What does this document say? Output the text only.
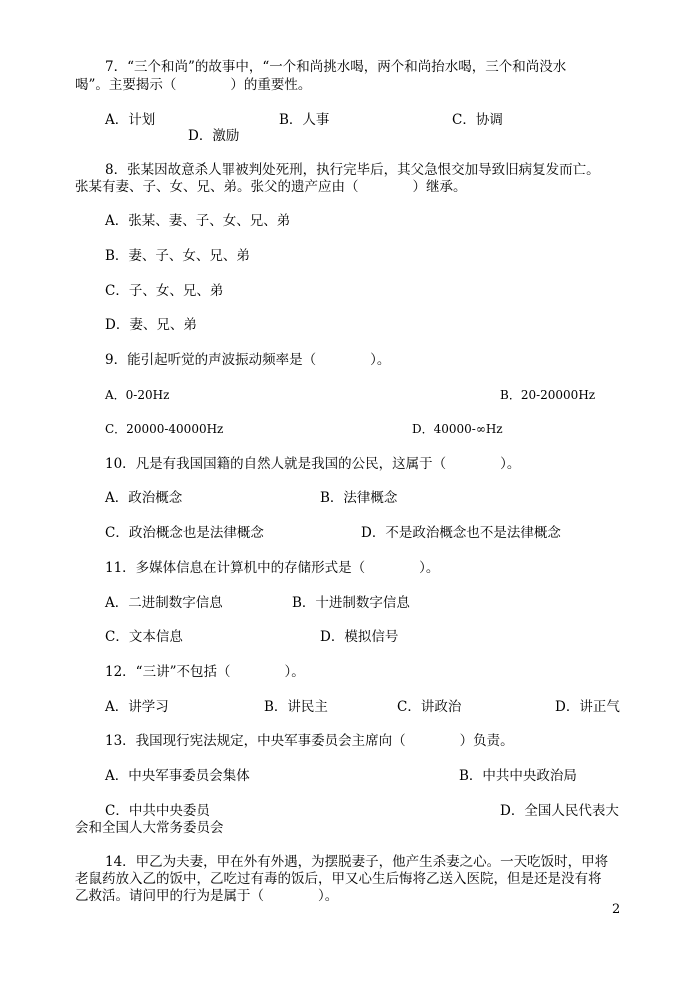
7．“三个和尚”的故事中，“一个和尚挑水喝，两个和尚抬水喝，三个和尚没水
喝”。主要揭示（　　　　）的重要性。
A．计划	B．人事	C．协调
D．激励
8．张某因故意杀人罪被判处死刑，执行完毕后，其父急恨交加导致旧病复发而亡。
张某有妻、子、女、兄、弟。张父的遗产应由（　　　　）继承。
A．张某、妻、子、女、兄、弟
B．妻、子、女、兄、弟
C．子、女、兄、弟
D．妻、兄、弟
9．能引起听觉的声波振动频率是（　　　　）。
A．0-20Hz	B．20-20000Hz
C．20000-40000Hz	D．40000-∞Hz
10．凡是有我国国籍的自然人就是我国的公民，这属于（　　　　）。
A．政治概念	B．法律概念
C．政治概念也是法律概念	D．不是政治概念也不是法律概念
11．多媒体信息在计算机中的存储形式是（　　　　）。
A．二进制数字信息	B．十进制数字信息
C．文本信息	D．模拟信号
12．“三讲”不包括（　　　　）。
A．讲学习	B．讲民主	C．讲政治	D．讲正气
13．我国现行宪法规定，中央军事委员会主席向（　　　　）负责。
A．中央军事委员会集体	B．中共中央政治局
C．中共中央委员	D．全国人民代表大
会和全国人大常务委员会
14．甲乙为夫妻，甲在外有外遇，为摆脱妻子，他产生杀妻之心。一天吃饭时，甲将
老鼠药放入乙的饭中，乙吃过有毒的饭后，甲又心生后悔将乙送入医院，但是还是没有将
乙救活。请问甲的行为是属于（　　　　）。
2
